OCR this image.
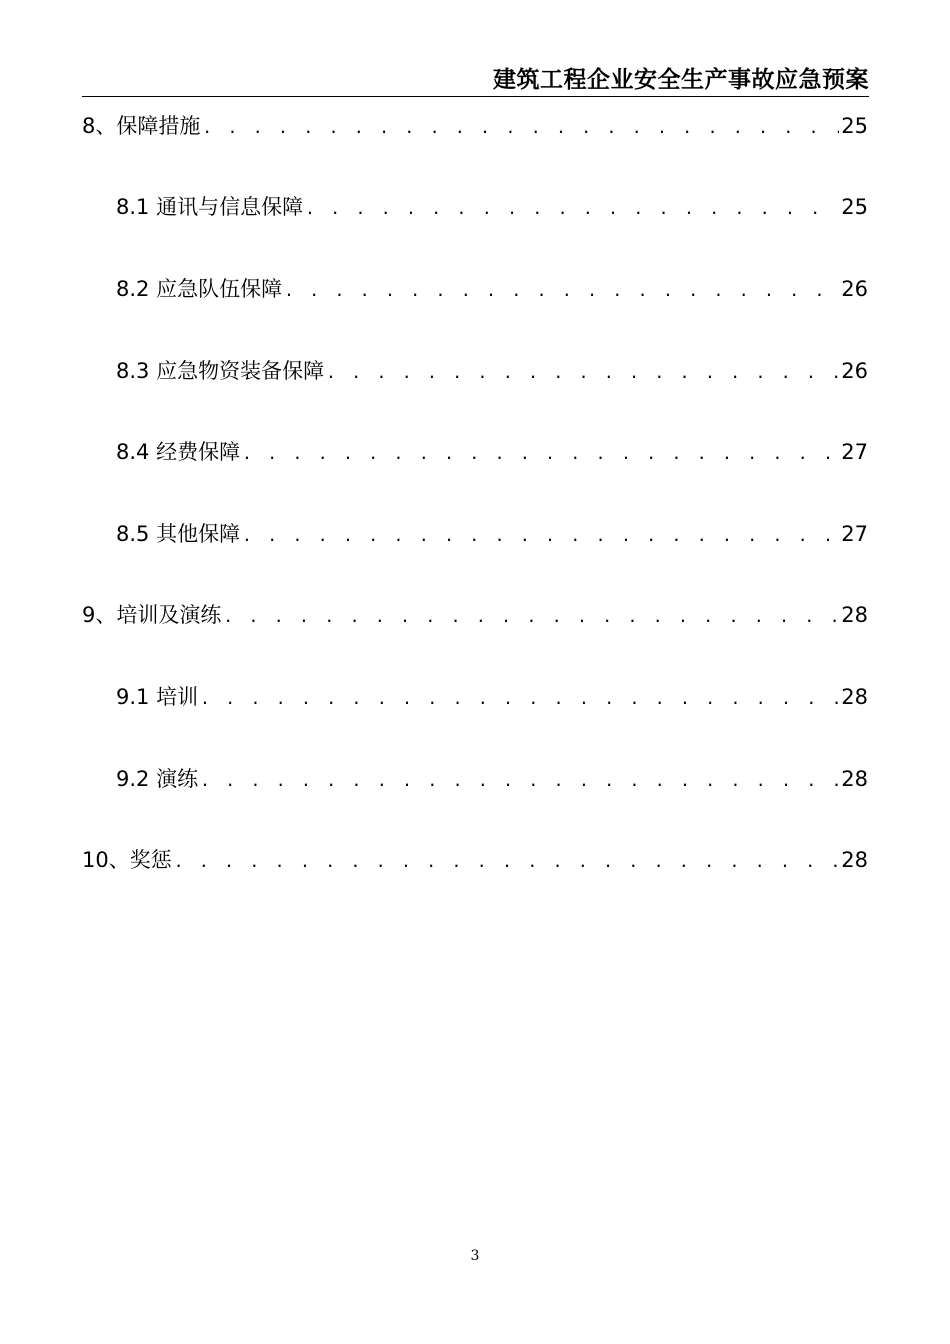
建筑工程企业安全生产事故应急预案
8、保障措施 . . .	25
8.1 通讯与信息保障 . . .	25
8.2 应急队伍保障 . . .	26
8.3 应急物资装备保障 . . .	26
8.4 经费保障 . . .	27
8.5 其他保障 . . .	27
9、培训及演练 . . .	28
9.1 培训 . . .	28
9.2 演练 . . .	28
10、奖惩 . . .	28
3
